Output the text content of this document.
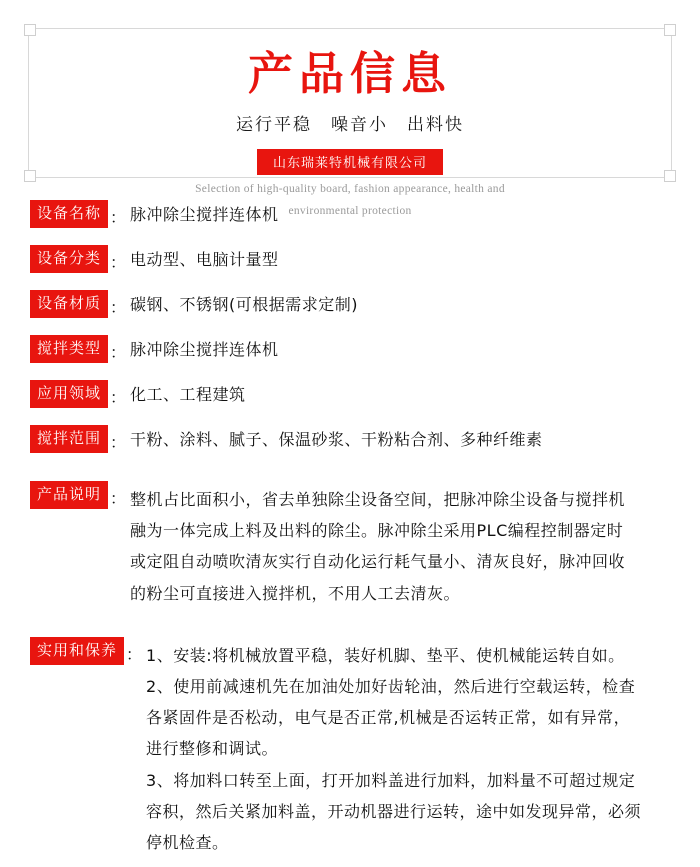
产品信息
运行平稳　噪音小　出料快
山东瑞莱特机械有限公司
Selection of high-quality board, fashion appearance, health and
environmental protection
设备名称 ： 脉冲除尘搅拌连体机
设备分类 ： 电动型、电脑计量型
设备材质 ： 碳钢、不锈钢(可根据需求定制)
搅拌类型 ： 脉冲除尘搅拌连体机
应用领域 ： 化工、工程建筑
搅拌范围 ： 干粉、涂料、腻子、保温砂浆、干粉粘合剂、多种纤维素
产品说明 ： 整机占比面积小，省去单独除尘设备空间，把脉冲除尘设备与搅拌机

融为一体完成上料及出料的除尘。脉冲除尘采用PLC编程控制器定时

或定阻自动喷吹清灰实行自动化运行耗气量小、清灰良好，脉冲回收

的粉尘可直接进入搅拌机，不用人工去清灰。

实用和保养 ： 1、安装:将机械放置平稳，装好机脚、垫平、使机械能运转自如。

2、使用前减速机先在加油处加好齿轮油，然后进行空载运转，检查

各紧固件是否松动，电气是否正常,机械是否运转正常，如有异常，

进行整修和调试。

3、将加料口转至上面，打开加料盖进行加料，加料量不可超过规定

容积，然后关紧加料盖，开动机器进行运转，途中如发现异常，必须

停机检查。
